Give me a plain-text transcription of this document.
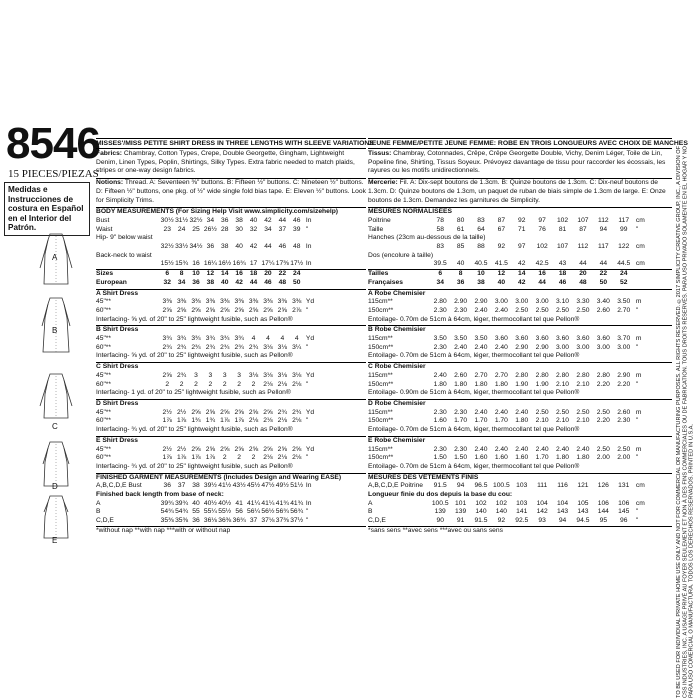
8546
15 PIECES/PIEZAS
Medidas e Instrucciones de costura en Español en el Interior del Patrón.
A
B
C
D
E
MISSES'/MISS PETITE SHIRT DRESS IN THREE LENGTHS WITH SLEEVE VARIATIONS
Fabrics: Chambray, Cotton Types, Crepe, Double Georgette, Gingham, Lightweight Denim, Linen Types, Poplin, Shirtings, Silky Types. Extra fabric needed to match plaids, stripes or one-way design fabrics.
Notions: Thread. A: Seventeen ⅜" buttons. B: Fifteen ½" buttons. C: Nineteen ½" buttons. D: Fifteen ½" buttons, one pkg. of ½" wide single fold bias tape. E: Eleven ½" buttons. Look for Simplicity Trims.
BODY MEASUREMENTS (For Sizing Help Visit www.simplicity.com/sizehelp)
Bust	30½ 31½ 32½ 34	36	38	40	42	44	46 In
Waist	23	24	25 26½ 28	30	32	34	37	39 "
Hip- 9" below waist
32½ 33½ 34½ 36	38	40	42	44	46	48 In
Back-neck to waist
15½ 15¾ 16 16¼ 16½ 16¾ 17 17¼ 17⅜ 17½ In
Sizes	6	8	10	12	14	16	18	20	22	24
European	32	34	36	38	40	42	44	46	48	50
A Shirt Dress
45"**	3⅜ 3⅜ 3⅜ 3⅜ 3⅜ 3⅜ 3⅜ 3⅜ 3⅜ 3⅜ Yd
60"**	2⅝ 2⅝ 2⅝ 2⅝ 2⅝ 2⅝ 2⅝ 2⅝ 2⅝ 2⅞ "
Interfacing- ⅝ yd. of 20" to 25" lightweight fusible, such as Pellon®
B Shirt Dress
45"**	3¾ 3¾ 3¾ 3¾ 3¾ 3¾	4	4	4	4	Yd
60"**	2¾ 2¾ 2¾ 2¾ 2¾ 2¾ 2¾ 3⅛ 3⅛ 3¼ "
Interfacing- ⅝ yd. of 20" to 25" lightweight fusible, such as Pellon®
C Shirt Dress
45"**	2⅝ 2¾	3	3	3	3	3⅛ 3⅛ 3⅛ 3⅛ Yd
60"**	2	2	2	2	2	2	2	2⅛ 2⅛ 2⅛ "
Interfacing- 1 yd. of 20" to 25" lightweight fusible, such as Pellon®
D Shirt Dress
45"**	2½ 2½ 2⅝ 2⅝ 2⅝ 2⅝ 2⅝ 2⅝ 2¾ 2¾ Yd
60"**	1⅞ 1⅞ 1¾ 1¾ 1⅞ 1⅞ 2⅛ 2⅛ 2⅛ 2⅛ "
Interfacing- ¾ yd. of 20" to 25" lightweight fusible, such as Pellon®
E Shirt Dress
45"**	2½ 2½ 2⅝ 2⅝ 2⅝ 2⅝ 2⅝ 2⅝ 2⅝ 2⅝ Yd
60"**	1⅞ 1⅞ 1⅞ 1⅞	2	2	2	2⅛ 2⅛ 2⅛ "
Interfacing- ¾ yd. of 20" to 25" lightweight fusible, such as Pellon®
FINISHED GARMENT MEASUREMENTS (Includes Design and Wearing EASE)
A,B,C,D,E Bust	36	37	38 39½ 41½ 43½ 45½ 47½ 49½ 51½ In
Finished back length from base of neck:
A	39¾ 39¾ 40 40½ 40½ 41 41¼ 41¼ 41¾ 41¾ In
B	54¾ 54¾ 55 55¼ 55½ 56 56¼ 56½ 56¾ 56¾ "
C,D,E	35⅜ 35⅜ 36 36⅛ 36⅜ 36¾ 37 37⅛ 37⅜ 37½ "
*without nap **with nap ***with or without nap
JEUNE FEMME/PETITE JEUNE FEMME: ROBE EN TROIS LONGUEURS AVEC CHOIX DE MANCHES
Tissus: Chambray, Cotonnades, Crêpe, Crêpe Georgette Double, Vichy, Denim Léger, Toile de Lin, Popeline fine, Shirting, Tissus Soyeux. Prévoyez davantage de tissu pour raccorder les écossais, les rayures ou les motifs unidirectionnels.
Mercerie: Fil. A: Dix-sept boutons de 1.3cm. B: Quinze boutons de 1.3cm. C: Dix-neuf boutons de 1.3cm. D: Quinze boutons de 1.3cm, un paquet de ruban de biais simple de 1.3cm de large. E: Onze boutons de 1.3cm. Demandez les garnitures de Simplicity.
MESURES NORMALISÉES
Poitrine	78	80	83	87	92	97	102	107	112	117	cm
Taille	58	61	64	67	71	76	81	87	94	99	"
Hanches (23cm au-dessous de la taille)
83	85	88	92	97	102	107	112	117	122 cm
Dos (encolure à taille)
39.5	40	40.5	41.5	42	42.5	43	44	44	44.5 cm
Tailles	6	8	10	12	14	16	18	20	22	24
Françaises	34	36	38	40	42	44	46	48	50	52
A Robe Chemisier
115cm**	2.80	2.90	2.90	3.00	3.00	3.00	3.10	3.30	3.40	3.50 m
150cm**	2.30	2.30	2.40	2.40	2.50	2.50	2.50	2.50	2.60	2.70 "
Entoilage- 0.70m de 51cm à 64cm, léger, thermocollant tel que Pellon®
B Robe Chemisier
115cm**	3.50	3.50	3.50	3.60	3.60	3.60	3.60	3.60	3.60	3.70 m
150cm**	2.30	2.40	2.40	2.40	2.90	2.90	3.00	3.00	3.00	3.00 "
Entoilage- 0.70m de 51cm à 64cm, léger, thermocollant tel que Pellon®
C Robe Chemisier
115cm**	2.40	2.60	2.70	2.70	2.80	2.80	2.80	2.80	2.80	2.90 m
150cm**	1.80	1.80	1.80	1.80	1.90	1.90	2.10	2.10	2.20	2.20 "
Entoilage- 0.90m de 51cm à 64cm, léger, thermocollant tel que Pellon®
D Robe Chemisier
115cm**	2.30	2.30	2.40	2.40	2.40	2.50	2.50	2.50	2.50	2.60 m
150cm**	1.60	1.70	1.70	1.70	1.80	2.10	2.10	2.10	2.20	2.30 "
Entoilage- 0.70m de 51cm à 64cm, léger, thermocollant tel que Pellon®
E Robe Chemisier
115cm**	2.30	2.30	2.40	2.40	2.40	2.40	2.40	2.40	2.50	2.50 m
150cm**	1.50	1.50	1.60	1.60	1.60	1.70	1.80	1.80	2.00	2.00 "
Entoilage- 0.70m de 51cm à 64cm, léger, thermocollant tel que Pellon®
MESURES DES VÊTEMENTS FINIS
A,B,C,D,E Poitrine	91.5	94	96.5 100.5 103	111	116	121	126	131 cm
Longueur finie du dos depuis la base du cou:
A	100.5 101	102	102	103	104	104	105	106	106 cm
B	139	139	140	140	141	142	143	143	144	145 "
C,D,E	90	91	91.5	92	92.5	93	94	94.5	95	96	"
*sans sens **avec sens ***avec ou sans sens	TO BE USED FOR INDIVIDUAL PRIVATE HOME USE ONLY AND NOT FOR COMMERCIAL OR MANUFACTURING PURPOSES. ALL RIGHTS RESERVED. ©2017 SIMPLICITY CREATIVE GROUP, INC., A DIVISION OF CSS INDUSTRIES, INC. A USAGE PRIVÉ AU FOYER SEULEMENT ET NON À DES FINS COMMERCIALES OU DE FABRICATION. TOUS DROITS RÉSERVÉS. PARA USO PRIVADO SOLAMENTE EN EL HOGAR Y NO PARA USO COMERCIAL O MANUFACTURA. TODOS LOS DERECHOS RESERVADOS. PRINTED IN U.S.A.
